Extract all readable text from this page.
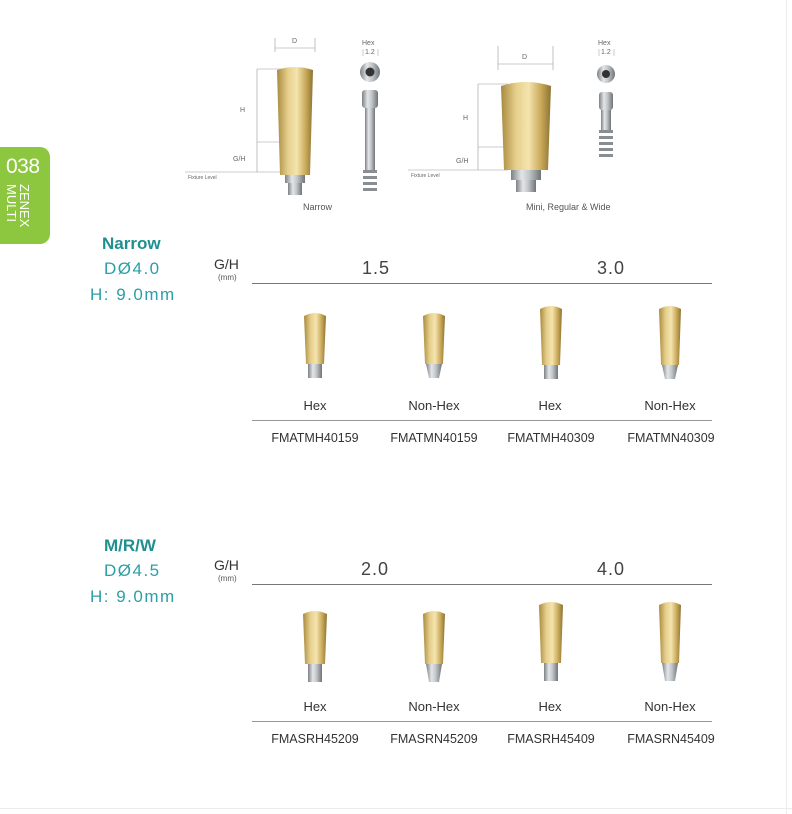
038
ZENEX
MULTI
D
H
G/H
Fixture Level
Hex
1.2
Narrow
D
H
G/H
Fixture Level
Hex
1.2
Mini, Regular & Wide
Narrow
DØ4.0
H: 9.0mm
G/H
(mm)	1.5	3.0
Hex	Non-Hex	Hex	Non-Hex
FMATMH40159	FMATMN40159	FMATMH40309	FMATMN40309
M/R/W
DØ4.5
H: 9.0mm
G/H
(mm)	2.0	4.0
Hex	Non-Hex	Hex	Non-Hex
FMASRH45209	FMASRN45209	FMASRH45409	FMASRN45409
